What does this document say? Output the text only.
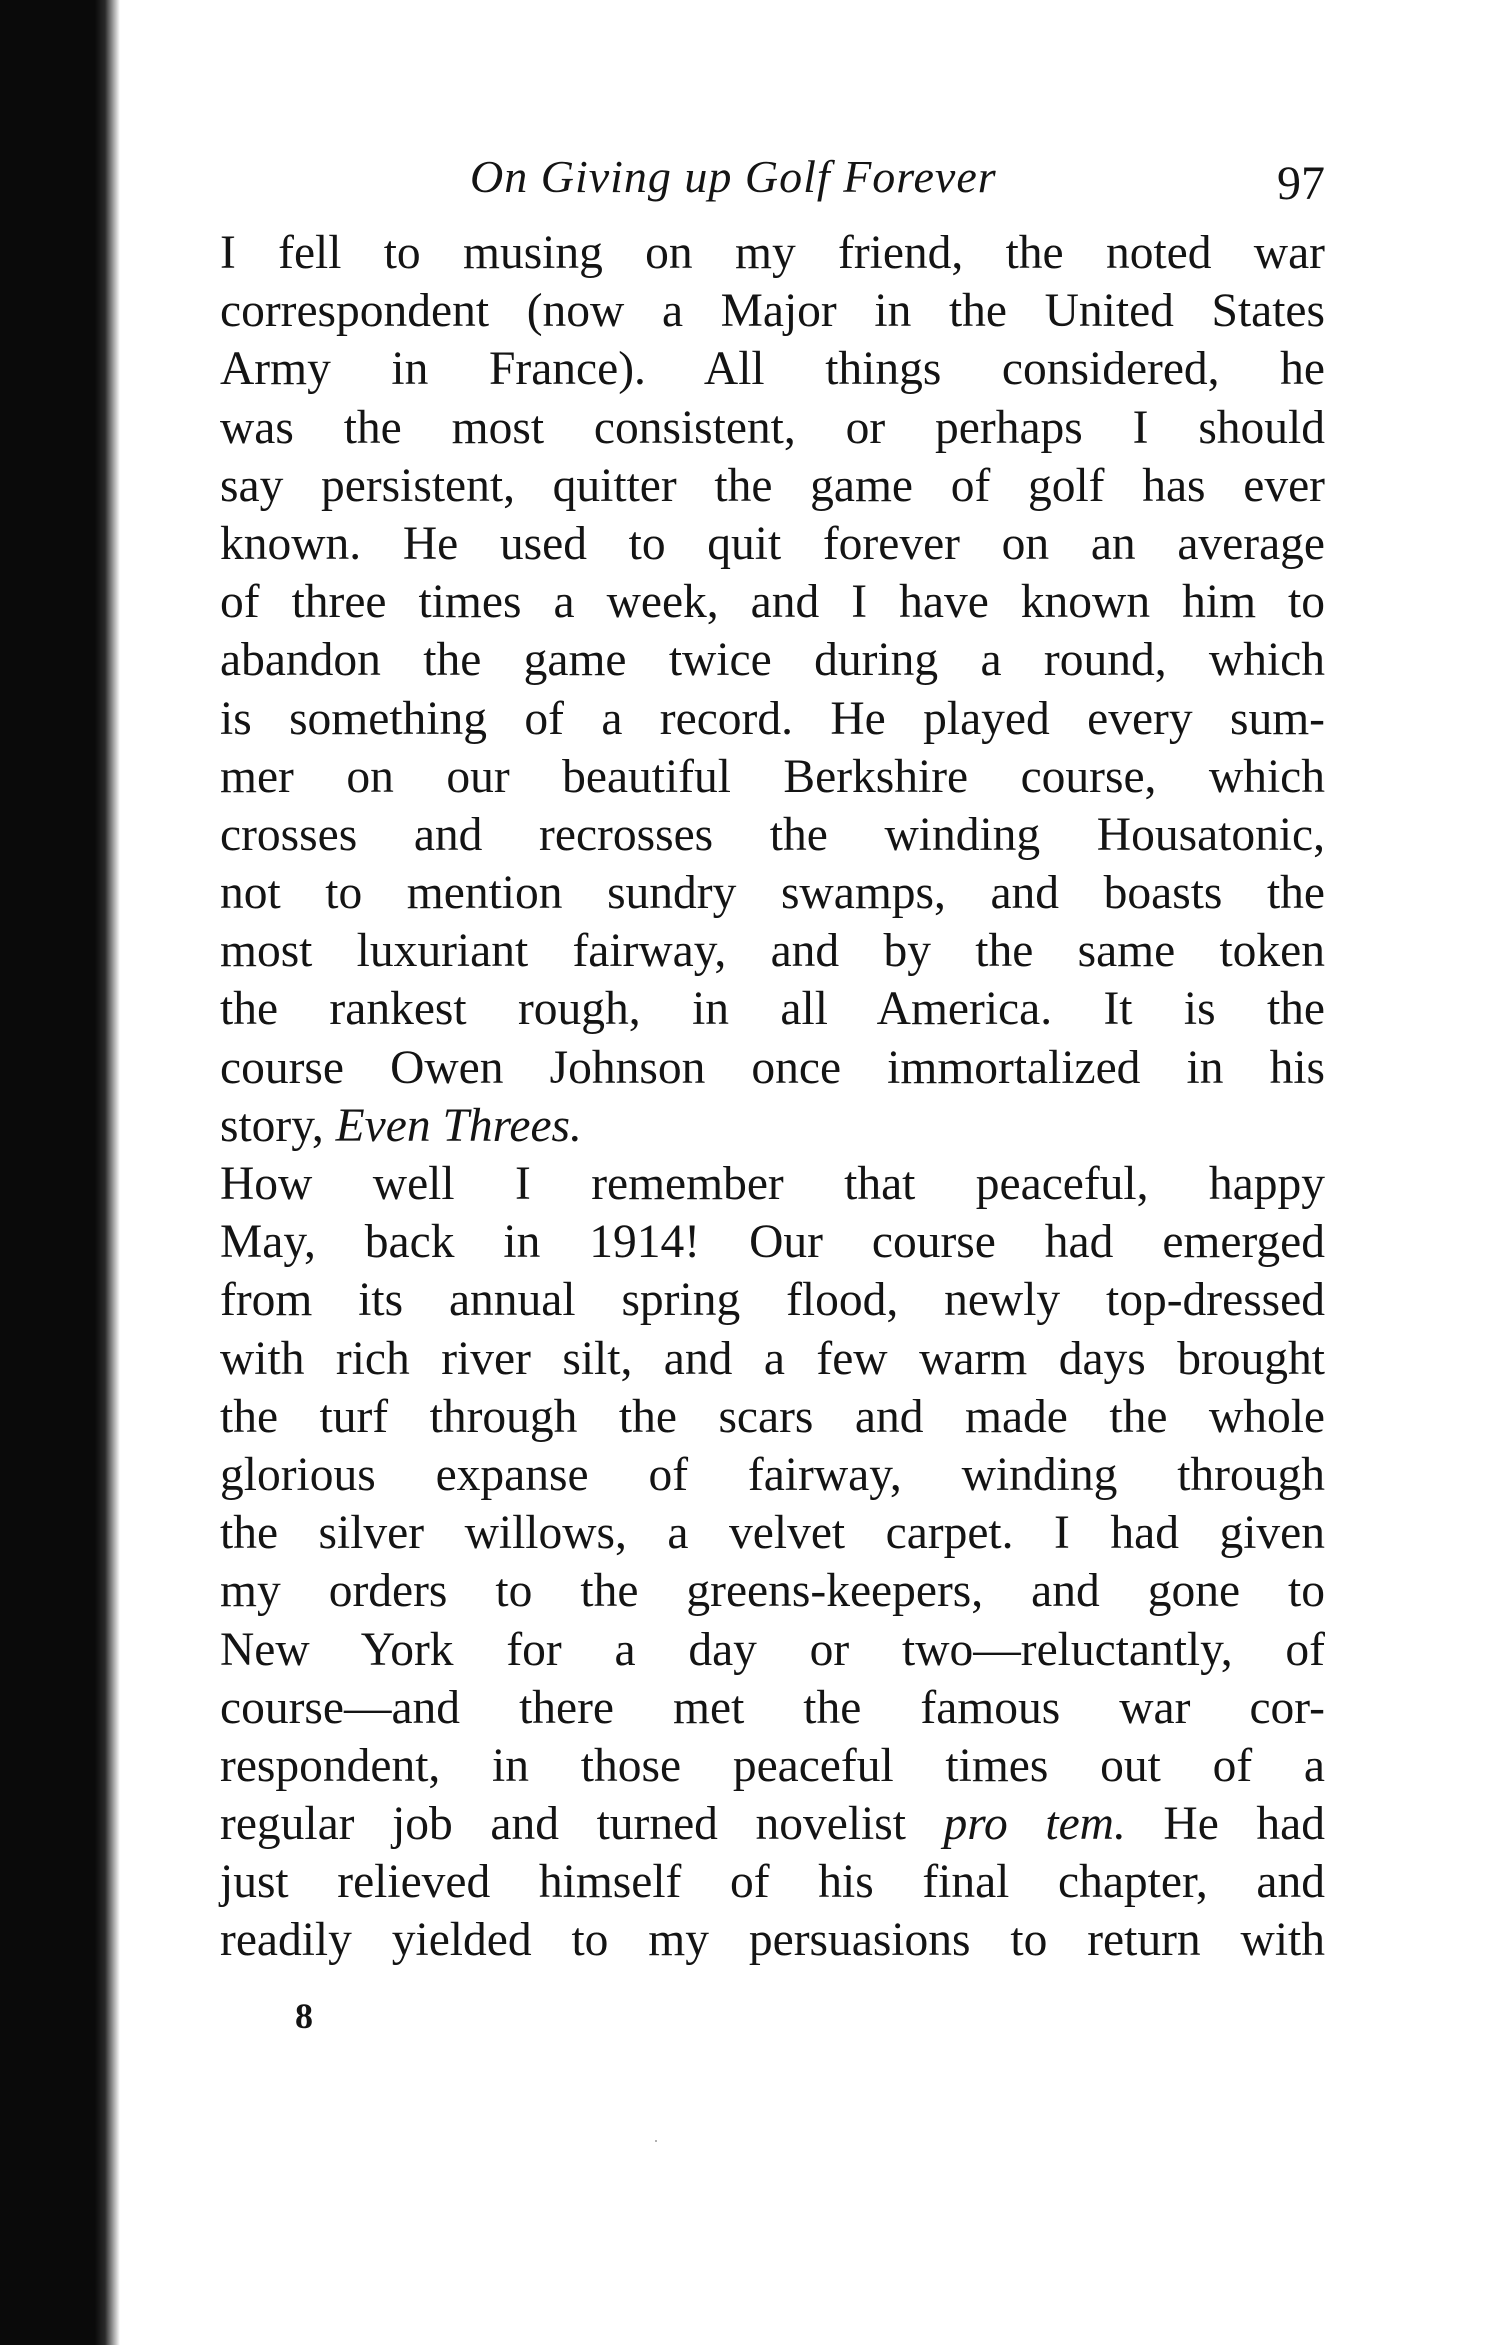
On Giving up Golf Forever	97
I fell to musing on my friend, the noted war
correspondent (now a Major in the United States
Army in France). All things considered, he
was the most consistent, or perhaps I should
say persistent, quitter the game of golf has ever
known. He used to quit forever on an average
of three times a week, and I have known him to
abandon the game twice during a round, which
is something of a record. He played every sum-
mer on our beautiful Berkshire course, which
crosses and recrosses the winding Housatonic,
not to mention sundry swamps, and boasts the
most luxuriant fairway, and by the same token
the rankest rough, in all America. It is the
course Owen Johnson once immortalized in his
story, Even Threes.
How well I remember that peaceful, happy
May, back in 1914! Our course had emerged
from its annual spring flood, newly top-dressed
with rich river silt, and a few warm days brought
the turf through the scars and made the whole
glorious expanse of fairway, winding through
the silver willows, a velvet carpet. I had given
my orders to the greens-keepers, and gone to
New York for a day or two—reluctantly, of
course—and there met the famous war cor-
respondent, in those peaceful times out of a
regular job and turned novelist pro tem. He had
just relieved himself of his final chapter, and
readily yielded to my persuasions to return with
8
